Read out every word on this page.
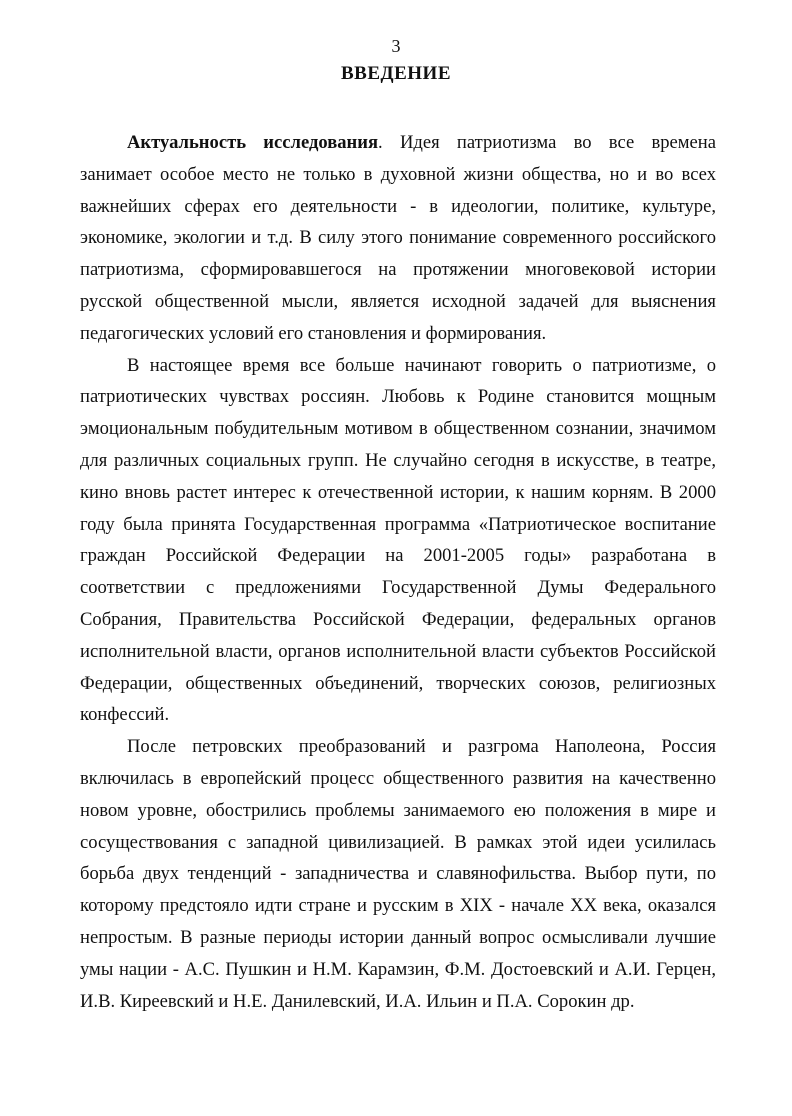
3
ВВЕДЕНИЕ

Актуальность исследования. Идея патриотизма во все времена занимает особое место не только в духовной жизни общества, но и во всех важнейших сферах его деятельности - в идеологии, политике, культуре, экономике, экологии и т.д. В силу этого понимание современного российского патриотизма, сформировавшегося на протяжении многовековой истории русской общественной мысли, является исходной задачей для выяснения педагогических условий его становления и формирования.

В настоящее время все больше начинают говорить о патриотизме, о патриотических чувствах россиян. Любовь к Родине становится мощным эмоциональным побудительным мотивом в общественном сознании, значимом для различных социальных групп. Не случайно сегодня в искусстве, в театре, кино вновь растет интерес к отечественной истории, к нашим корням. В 2000 году была принята Государственная программа «Патриотическое воспитание граждан Российской Федерации на 2001-2005 годы» разработана в соответствии с предложениями Государственной Думы Федерального Собрания, Правительства Российской Федерации, федеральных органов исполнительной власти, органов исполнительной власти субъектов Российской Федерации, общественных объединений, творческих союзов, религиозных конфессий.

После петровских преобразований и разгрома Наполеона, Россия включилась в европейский процесс общественного развития на качественно новом уровне, обострились проблемы занимаемого ею положения в мире и сосуществования с западной цивилизацией. В рамках этой идеи усилилась борьба двух тенденций - западничества и славянофильства. Выбор пути, по которому предстояло идти стране и русским в XIX - начале XX века, оказался непростым. В разные периоды истории данный вопрос осмысливали лучшие умы нации - А.С. Пушкин и Н.М. Карамзин, Ф.М. Достоевский и А.И. Герцен, И.В. Киреевский и Н.Е. Данилевский, И.А. Ильин и П.А. Сорокин др.
